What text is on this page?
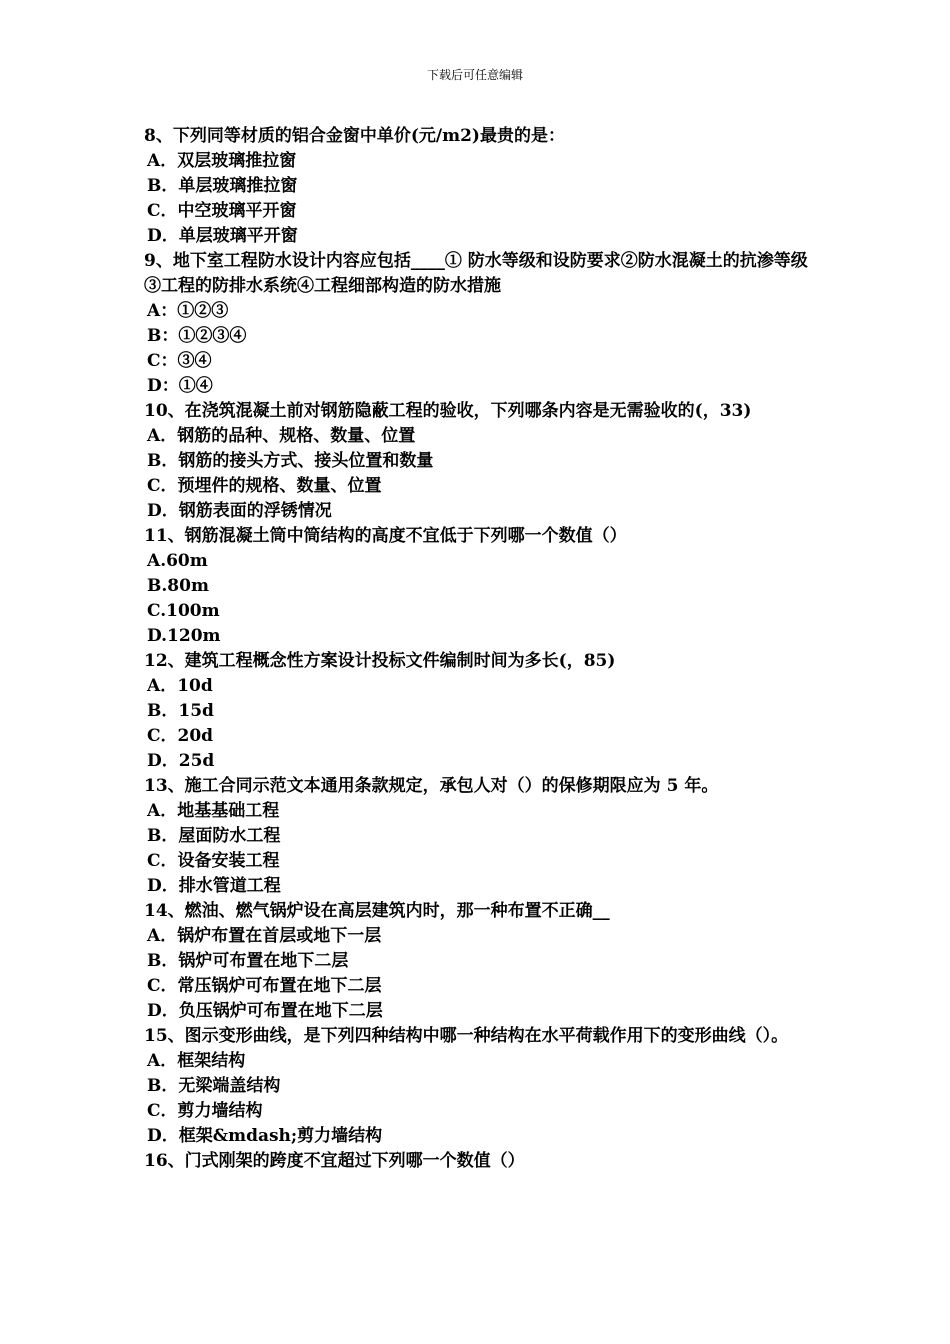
下载后可任意编辑
8、下列同等材质的铝合金窗中单价(元/m2)最贵的是：
A．双层玻璃推拉窗
B．单层玻璃推拉窗
C．中空玻璃平开窗
D．单层玻璃平开窗
9、地下室工程防水设计内容应包括____① 防水等级和设防要求②防水混凝土的抗渗等级③工程的防排水系统④工程细部构造的防水措施
A：①②③
B：①②③④
C：③④
D：①④
10、在浇筑混凝土前对钢筋隐蔽工程的验收，下列哪条内容是无需验收的(，33)
A．钢筋的品种、规格、数量、位置
B．钢筋的接头方式、接头位置和数量
C．预埋件的规格、数量、位置
D．钢筋表面的浮锈情况
11、钢筋混凝土筒中筒结构的高度不宜低于下列哪一个数值（）
A.60m
B.80m
C.100m
D.120m
12、建筑工程概念性方案设计投标文件编制时间为多长(，85)
A．10d
B．15d
C．20d
D．25d
13、施工合同示范文本通用条款规定，承包人对（）的保修期限应为 5 年。
A．地基基础工程
B．屋面防水工程
C．设备安装工程
D．排水管道工程
14、燃油、燃气锅炉设在高层建筑内时，那一种布置不正确__
A．锅炉布置在首层或地下一层
B．锅炉可布置在地下二层
C．常压锅炉可布置在地下二层
D．负压锅炉可布置在地下二层
15、图示变形曲线，是下列四种结构中哪一种结构在水平荷载作用下的变形曲线（）。
A．框架结构
B．无梁端盖结构
C．剪力墙结构
D．框架&mdash;剪力墙结构
16、门式刚架的跨度不宜超过下列哪一个数值（）
